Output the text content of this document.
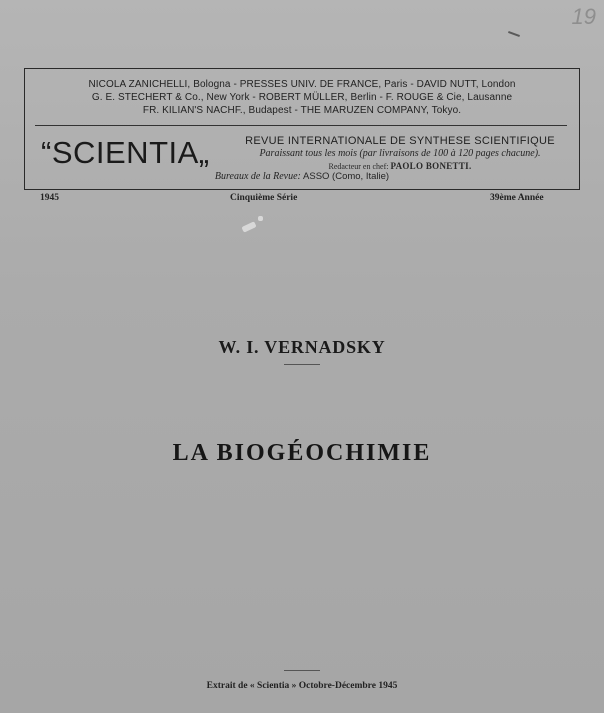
19
NICOLA ZANICHELLI, Bologna - PRESSES UNIV. DE FRANCE, Paris - DAVID NUTT, London
G. E. STECHERT & Co., New York - ROBERT MÜLLER, Berlin - F. ROUGE & Cie, Lausanne
FR. KILIAN'S NACHF., Budapest - THE MARUZEN COMPANY, Tokyo.
“SCIENTIA„	REVUE INTERNATIONALE DE SYNTHESE SCIENTIFIQUE
Paraissant tous les mois (par livraisons de 100 à 120 pages chacune).
Redacteur en chef: PAOLO BONETTI.
Bureaux de la Revue: ASSO (Como, Italie)
1945	Cinquième Série	39ème Année
W. I. VERNADSKY
LA BIOGÉOCHIMIE
Extrait de « Scientia » Octobre-Décembre 1945
